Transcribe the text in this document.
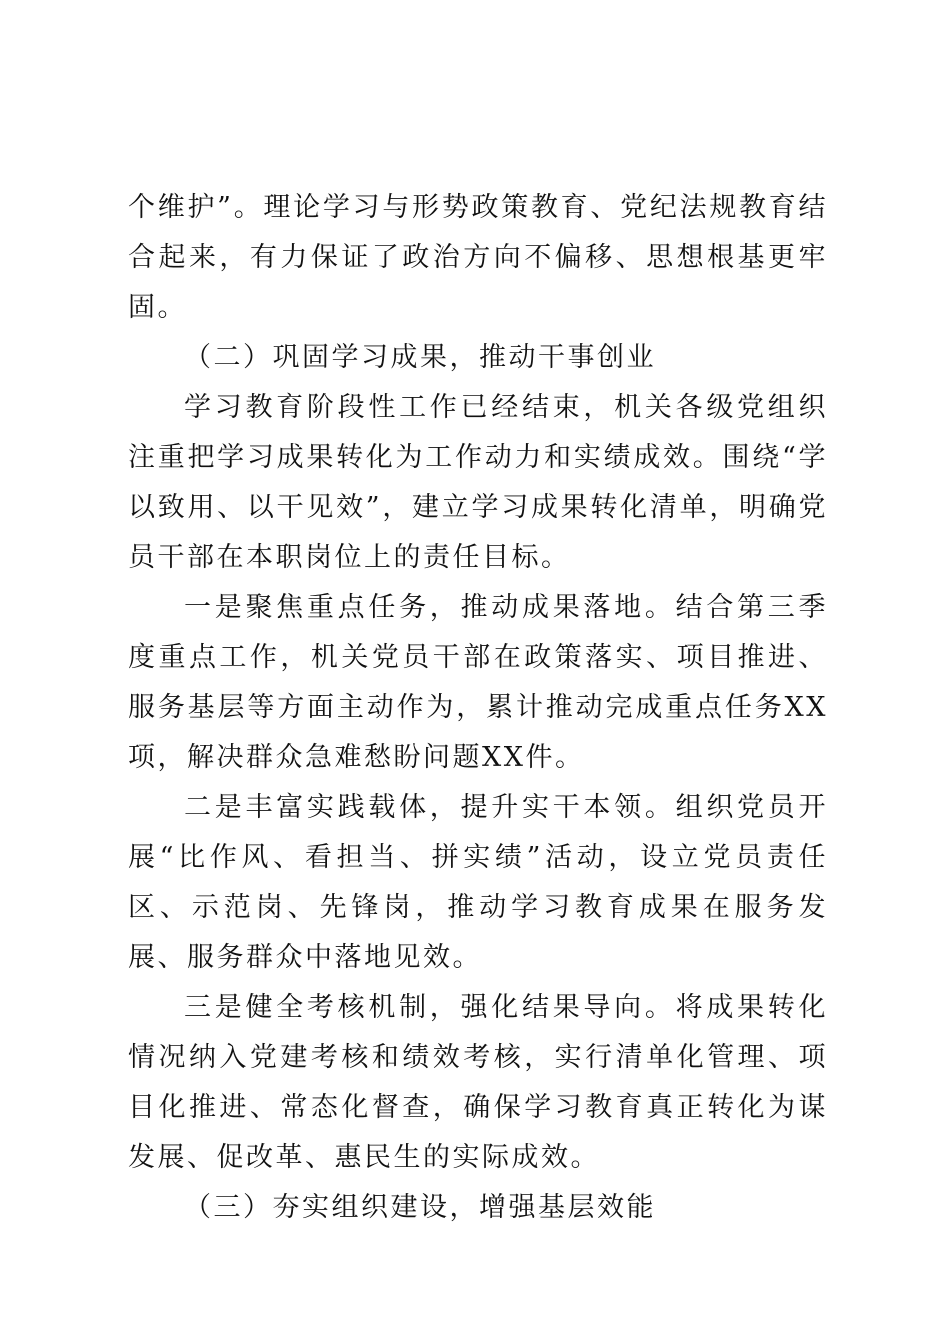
个维护”。理论学习与形势政策教育、党纪法规教育结合起来，有力保证了政治方向不偏移、思想根基更牢固。

（二）巩固学习成果，推动干事创业

学习教育阶段性工作已经结束，机关各级党组织注重把学习成果转化为工作动力和实绩成效。围绕“学以致用、以干见效”，建立学习成果转化清单，明确党员干部在本职岗位上的责任目标。

一是聚焦重点任务，推动成果落地。结合第三季度重点工作，机关党员干部在政策落实、项目推进、服务基层等方面主动作为，累计推动完成重点任务XX项，解决群众急难愁盼问题XX件。

二是丰富实践载体，提升实干本领。组织党员开展“比作风、看担当、拼实绩”活动，设立党员责任区、示范岗、先锋岗，推动学习教育成果在服务发展、服务群众中落地见效。

三是健全考核机制，强化结果导向。将成果转化情况纳入党建考核和绩效考核，实行清单化管理、项目化推进、常态化督查，确保学习教育真正转化为谋发展、促改革、惠民生的实际成效。

（三）夯实组织建设，增强基层效能
